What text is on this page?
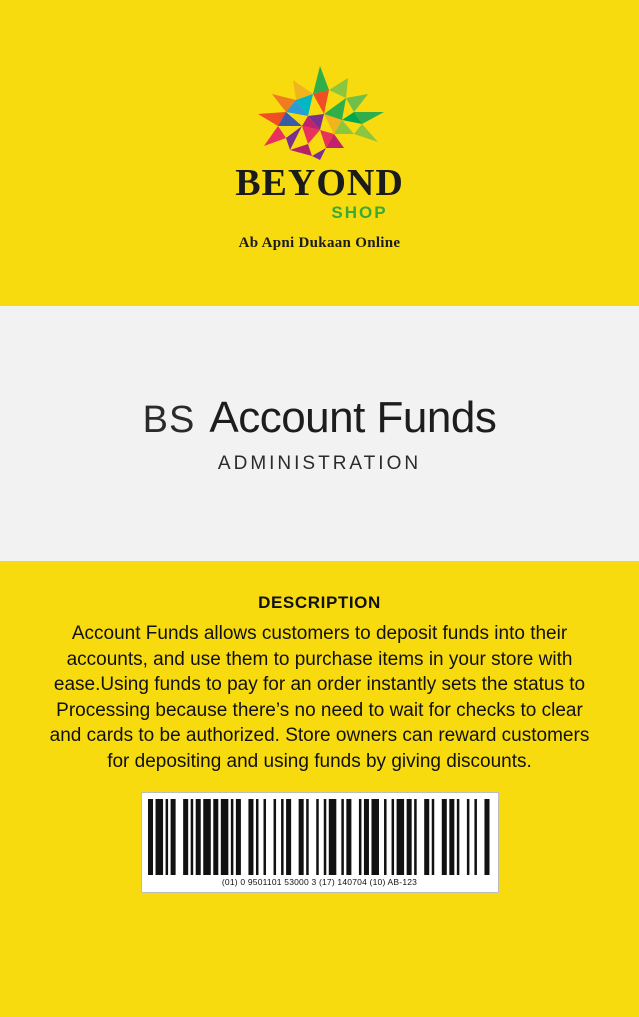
BEYOND
SHOP
Ab Apni Dukaan Online
BS Account Funds
ADMINISTRATION
DESCRIPTION

Account Funds allows customers to deposit funds into their accounts, and use them to purchase items in your store with ease.Using funds to pay for an order instantly sets the status to Processing because there’s no need to wait for checks to clear and cards to be authorized. Store owners can reward customers for depositing and using funds by giving discounts.

(01) 0 9501101 53000 3 (17) 140704 (10) AB-123
